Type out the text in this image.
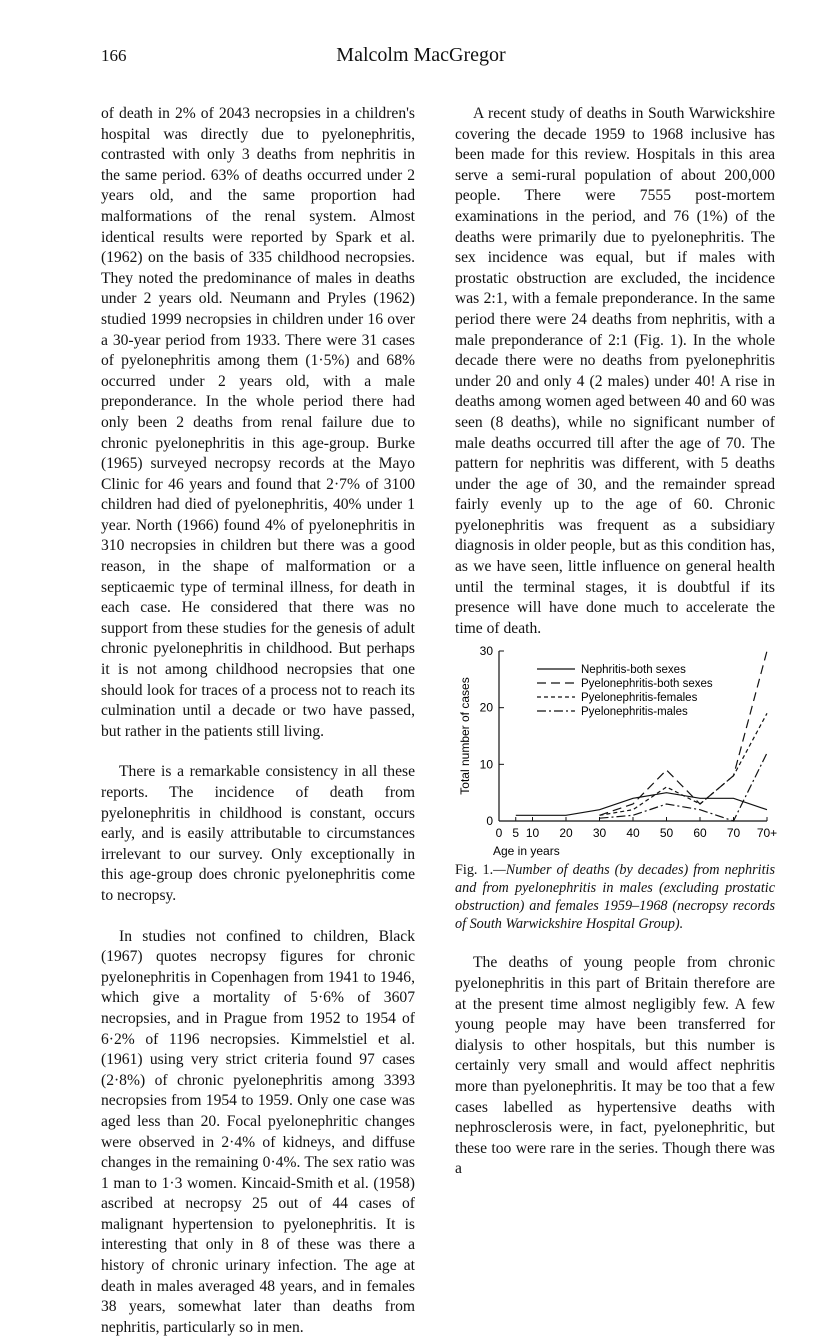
166	Malcolm MacGregor

of death in 2% of 2043 necropsies in a children's hospital was directly due to pyelonephritis, contrasted with only 3 deaths from nephritis in the same period. 63% of deaths occurred under 2 years old, and the same proportion had malformations of the renal system. Almost identical results were reported by Spark et al. (1962) on the basis of 335 childhood necropsies. They noted the predominance of males in deaths under 2 years old. Neumann and Pryles (1962) studied 1999 necropsies in children under 16 over a 30-year period from 1933. There were 31 cases of pyelonephritis among them (1·5%) and 68% occurred under 2 years old, with a male preponderance. In the whole period there had only been 2 deaths from renal failure due to chronic pyelonephritis in this age-group. Burke (1965) surveyed necropsy records at the Mayo Clinic for 46 years and found that 2·7% of 3100 children had died of pyelonephritis, 40% under 1 year. North (1966) found 4% of pyelonephritis in 310 necropsies in children but there was a good reason, in the shape of malformation or a septicaemic type of terminal illness, for death in each case. He considered that there was no support from these studies for the genesis of adult chronic pyelonephritis in childhood. But perhaps it is not among childhood necropsies that one should look for traces of a process not to reach its culmination until a decade or two have passed, but rather in the patients still living.

There is a remarkable consistency in all these reports. The incidence of death from pyelonephritis in childhood is constant, occurs early, and is easily attributable to circumstances irrelevant to our survey. Only exceptionally in this age-group does chronic pyelonephritis come to necropsy.

In studies not confined to children, Black (1967) quotes necropsy figures for chronic pyelonephritis in Copenhagen from 1941 to 1946, which give a mortality of 5·6% of 3607 necropsies, and in Prague from 1952 to 1954 of 6·2% of 1196 necropsies. Kimmelstiel et al. (1961) using very strict criteria found 97 cases (2·8%) of chronic pyelonephritis among 3393 necropsies from 1954 to 1959. Only one case was aged less than 20. Focal pyelonephritic changes were observed in 2·4% of kidneys, and diffuse changes in the remaining 0·4%. The sex ratio was 1 man to 1·3 women. Kincaid-Smith et al. (1958) ascribed at necropsy 25 out of 44 cases of malignant hypertension to pyelonephritis. It is interesting that only in 8 of these was there a history of chronic urinary infection. The age at death in males averaged 48 years, and in females 38 years, somewhat later than deaths from nephritis, particularly so in men.

A recent study of deaths in South Warwickshire covering the decade 1959 to 1968 inclusive has been made for this review. Hospitals in this area serve a semi-rural population of about 200,000 people. There were 7555 post-mortem examinations in the period, and 76 (1%) of the deaths were primarily due to pyelonephritis. The sex incidence was equal, but if males with prostatic obstruction are excluded, the incidence was 2:1, with a female preponderance. In the same period there were 24 deaths from nephritis, with a male preponderance of 2:1 (Fig. 1). In the whole decade there were no deaths from pyelonephritis under 20 and only 4 (2 males) under 40! A rise in deaths among women aged between 40 and 60 was seen (8 deaths), while no significant number of male deaths occurred till after the age of 70. The pattern for nephritis was different, with 5 deaths under the age of 30, and the remainder spread fairly evenly up to the age of 60. Chronic pyelonephritis was frequent as a subsidiary diagnosis in older people, but as this condition has, as we have seen, little influence on general health until the terminal stages, it is doubtful if its presence will have done much to accelerate the time of death.

0
10
20
30
0 5 10 20 30 40 50 60 70 70+
Total number of cases
Age in years
Nephritis-both sexes
Pyelonephritis-both sexes
Pyelonephritis-females
Pyelonephritis-males
Fig. 1.—Number of deaths (by decades) from nephritis and from pyelonephritis in males (excluding prostatic obstruction) and females 1959–1968 (necropsy records of South Warwickshire Hospital Group).

The deaths of young people from chronic pyelonephritis in this part of Britain therefore are at the present time almost negligibly few. A few young people may have been transferred for dialysis to other hospitals, but this number is certainly very small and would affect nephritis more than pyelonephritis. It may be too that a few cases labelled as hypertensive deaths with nephrosclerosis were, in fact, pyelonephritic, but these too were rare in the series. Though there was a
